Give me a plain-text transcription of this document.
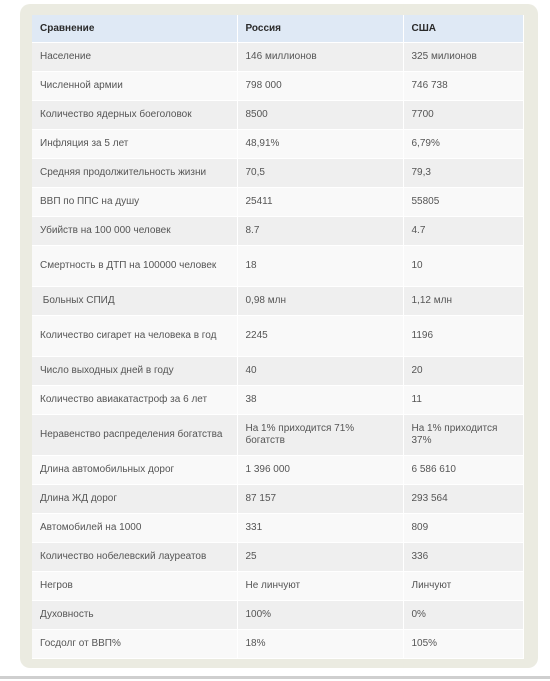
Сравнение	Россия	США
Население	146 миллионов	325 милионов
Численной армии	798 000	746 738
Количество ядерных боеголовок	8500	7700
Инфляция за 5 лет	48,91%	6,79%
Средняя продолжительность жизни	70,5	79,3
ВВП по ППС на душу	25411	55805
Убийств на 100 000 человек	8.7	4.7
Смертность в ДТП на 100000 человек	18	10
Больных СПИД	0,98 млн	1,12 млн
Количество сигарет на человека в год	2245	1196
Число выходных дней в году	40	20
Количество авиакатастроф за 6 лет	38	11
Неравенство распределения богатства	На 1% приходится 71% богатств	На 1% приходится 37%
Длина автомобильных дорог	1 396 000	6 586 610
Длина ЖД дорог	87 157	293 564
Автомобилей на 1000	331	809
Количество нобелевский лауреатов	25	336
Негров	Не линчуют	Линчуют
Духовность	100%	0%
Госдолг от ВВП%	18%	105%
